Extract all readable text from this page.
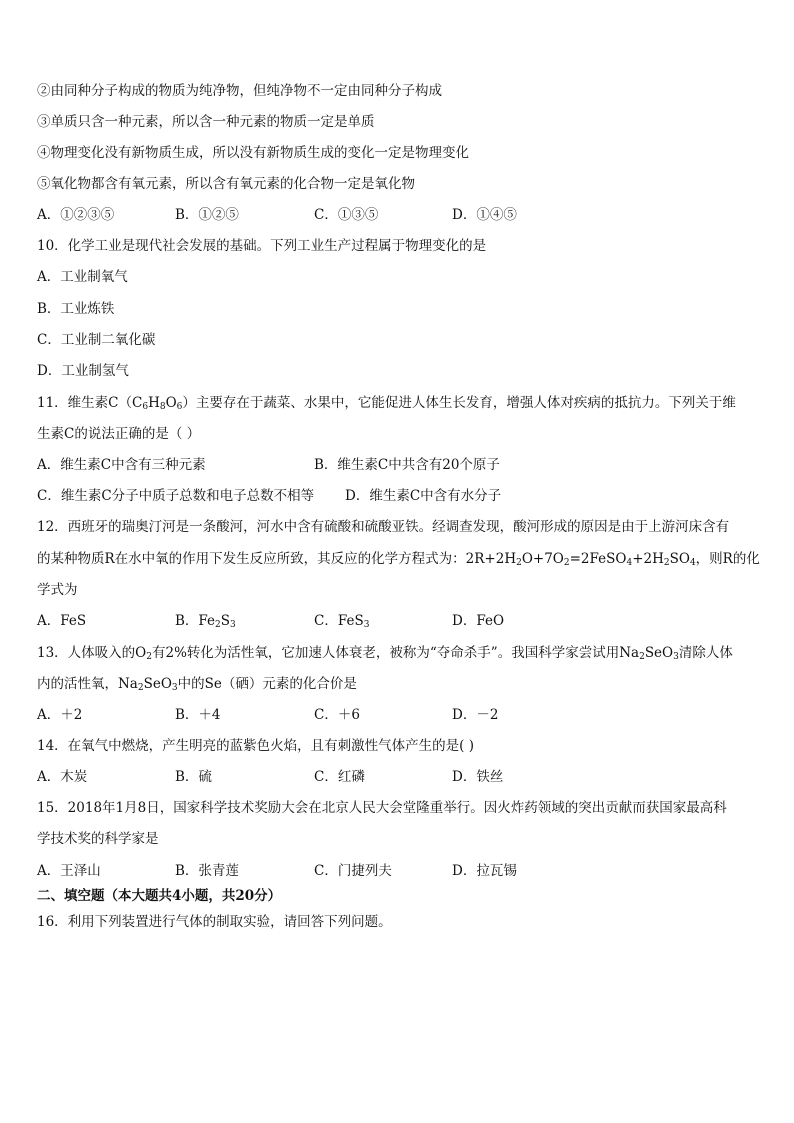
②由同种分子构成的物质为纯净物，但纯净物不一定由同种分子构成
③单质只含一种元素，所以含一种元素的物质一定是单质
④物理变化没有新物质生成，所以没有新物质生成的变化一定是物理变化
⑤氧化物都含有氧元素，所以含有氧元素的化合物一定是氧化物
A．①②③⑤	B．①②⑤	C．①③⑤	D．①④⑤
10．化学工业是现代社会发展的基础。下列工业生产过程属于物理变化的是
A．工业制氧气
B．工业炼铁
C．工业制二氧化碳
D．工业制氢气
11．维生素$C(C_6H_8O_6)$主要存在于蔬菜、水果中，它能促进人体生长发育，增强人体对疾病的抵抗力。下列关于维
生素C的说法正确的是（ ）
A．维生素C中含有三种元素	B．维生素C中共含有20个原子
C．维生素C分子中质子总数和电子总数不相等 D．维生素C中含有水分子
12．西班牙的瑞奥汀河是一条酸河，河水中含有硫酸和硫酸亚铁。经调查发现，酸河形成的原因是由于上游河床含有
的某种物质R在水中氧的作用下发生反应所致，其反应的化学方程式为：$2R+2H_2O+7O_2=2FeSO_4+2H_2SO_4$，则R的化
学式为
A．FeS	B．$Fe_2S_3$	C．FeS$_3$	D．FeO
13．人体吸入的$O_2$有2%转化为活性氧，它加速人体衰老，被称为“夺命杀手”。我国科学家尝试用$Na_2SeO_3$清除人体
内的活性氧，$Na_2SeO_3$中的Se（硒）元素的化合价是
A．＋2	B．＋4	C．＋6	D．－2
14．在氧气中燃烧，产生明亮的蓝紫色火焰，且有刺激性气体产生的是( )
A．木炭	B．硫	C．红磷	D．铁丝
15．2018年1月8日，国家科学技术奖励大会在北京人民大会堂隆重举行。因火炸药领域的突出贡献而获国家最高科
学技术奖的科学家是
A．王泽山	B．张青莲	C．门捷列夫	D．拉瓦锡
二、填空题（本大题共4小题，共20分）
16．利用下列装置进行气体的制取实验，请回答下列问题。
